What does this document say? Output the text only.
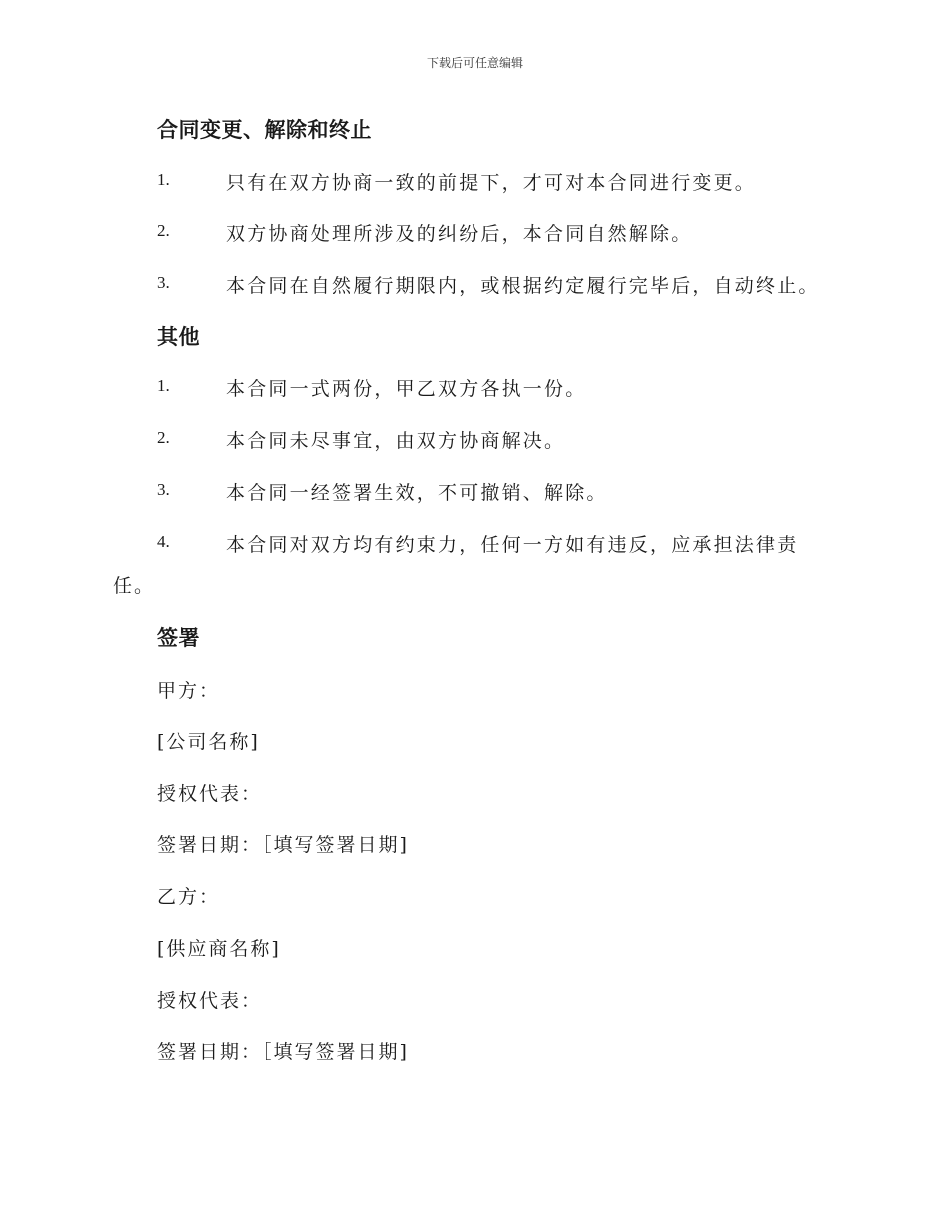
下载后可任意编辑
合同变更、解除和终止
1.	只有在双方协商一致的前提下，才可对本合同进行变更。
2.	双方协商处理所涉及的纠纷后，本合同自然解除。
3.	本合同在自然履行期限内，或根据约定履行完毕后，自动终止。
其他
1.	本合同一式两份，甲乙双方各执一份。
2.	本合同未尽事宜，由双方协商解决。
3.	本合同一经签署生效，不可撤销、解除。
4.	本合同对双方均有约束力，任何一方如有违反，应承担法律责
任。
签署
甲方：
[公司名称]
授权代表：
签署日期：［填写签署日期]
乙方：
[供应商名称]
授权代表：
签署日期：［填写签署日期]
